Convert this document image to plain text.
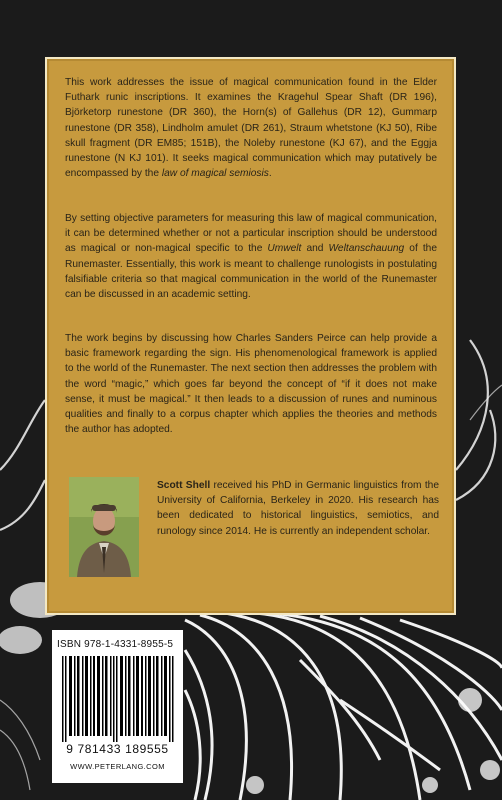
This work addresses the issue of magical communication found in the Elder Futhark runic inscriptions. It examines the Kragehul Spear Shaft (DR 196), Björketorp runestone (DR 360), the Horn(s) of Gallehus (DR 12), Gummarp runestone (DR 358), Lindholm amulet (DR 261), Straum whetstone (KJ 50), Ribe skull fragment (DR EM85; 151B), the Noleby runestone (KJ 67), and the Eggja runestone (N KJ 101). It seeks magical communication which may putatively be encompassed by the law of magical semiosis.

By setting objective parameters for measuring this law of magical communication, it can be determined whether or not a particular inscription should be understood as magical or non-magical specific to the Umwelt and Weltanschauung of the Runemaster. Essentially, this work is meant to challenge runologists in postulating falsifiable criteria so that magical communication in the world of the Runemaster can be discussed in an academic setting.

The work begins by discussing how Charles Sanders Peirce can help provide a basic framework regarding the sign. His phenomenological framework is applied to the world of the Runemaster. The next section then addresses the problem with the word “magic,” which goes far beyond the concept of “if it does not make sense, it must be magical.” It then leads to a discussion of runes and numinous qualities and finally to a corpus chapter which applies the theories and methods the author has adopted.

Scott Shell received his PhD in Germanic linguistics from the University of California, Berkeley in 2020. His research has been dedicated to historical linguistics, semiotics, and runology since 2014. He is currently an independent scholar.

ISBN 978-1-4331-8955-5
9 781433 189555
WWW.PETERLANG.COM
